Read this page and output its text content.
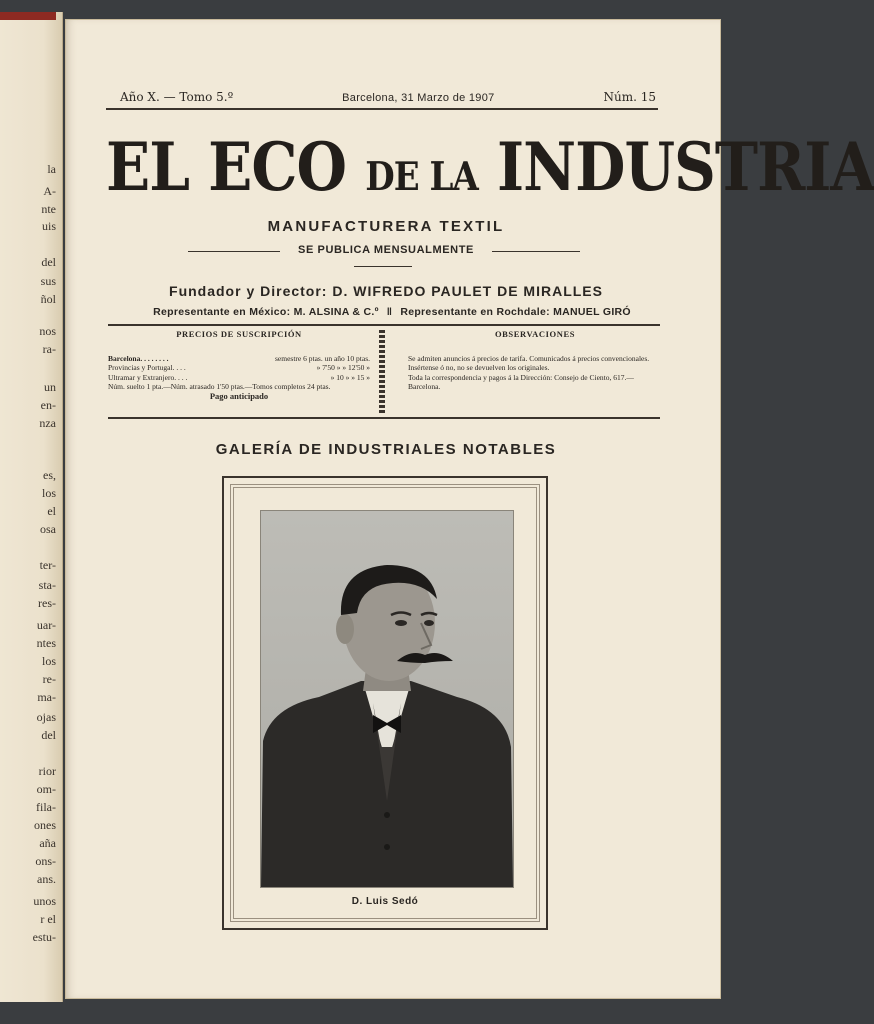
la
A-
nte
uis
del
sus
ñol
nos
ra-
un
en-
nza
es,
los
el
osa
ter-
sta-
res-
uar-
ntes
los
re-
ma-
ojas
del
rior
om-
fila-
ones
aña
ons-
ans.
unos
r el
estu-
Año X. — Tomo 5.º	Barcelona, 31 Marzo de 1907	Núm. 15
EL ECO DE LA INDUSTRIA
MANUFACTURERA TEXTIL
SE PUBLICA MENSUALMENTE
Fundador y Director: D. WIFREDO PAULET DE MIRALLES
Representante en México: M. ALSINA & C.º ‖ Representante en Rochdale: MANUEL GIRÓ
PRECIOS DE SUSCRIPCIÓN
Barcelona. . . . . . . .	semestre 6 ptas. un año 10 ptas.
Provincias y Portugal. . . .	» 7'50 » » 12'50 »
Ultramar y Extranjero. . . .	» 10 » » 15 »
Núm. suelto 1 pta.—Núm. atrasado 1'50 ptas.—Tomos completos 24 ptas.
Pago anticipado
OBSERVACIONES
Se admiten anuncios á precios de tarifa. Comunicados á precios convencionales.
Insértense ó no, no se devuelven los originales.
Toda la correspondencia y pagos á la Dirección: Consejo de Ciento, 617.—Barcelona.
GALERÍA DE INDUSTRIALES NOTABLES
D. Luis Sedó
